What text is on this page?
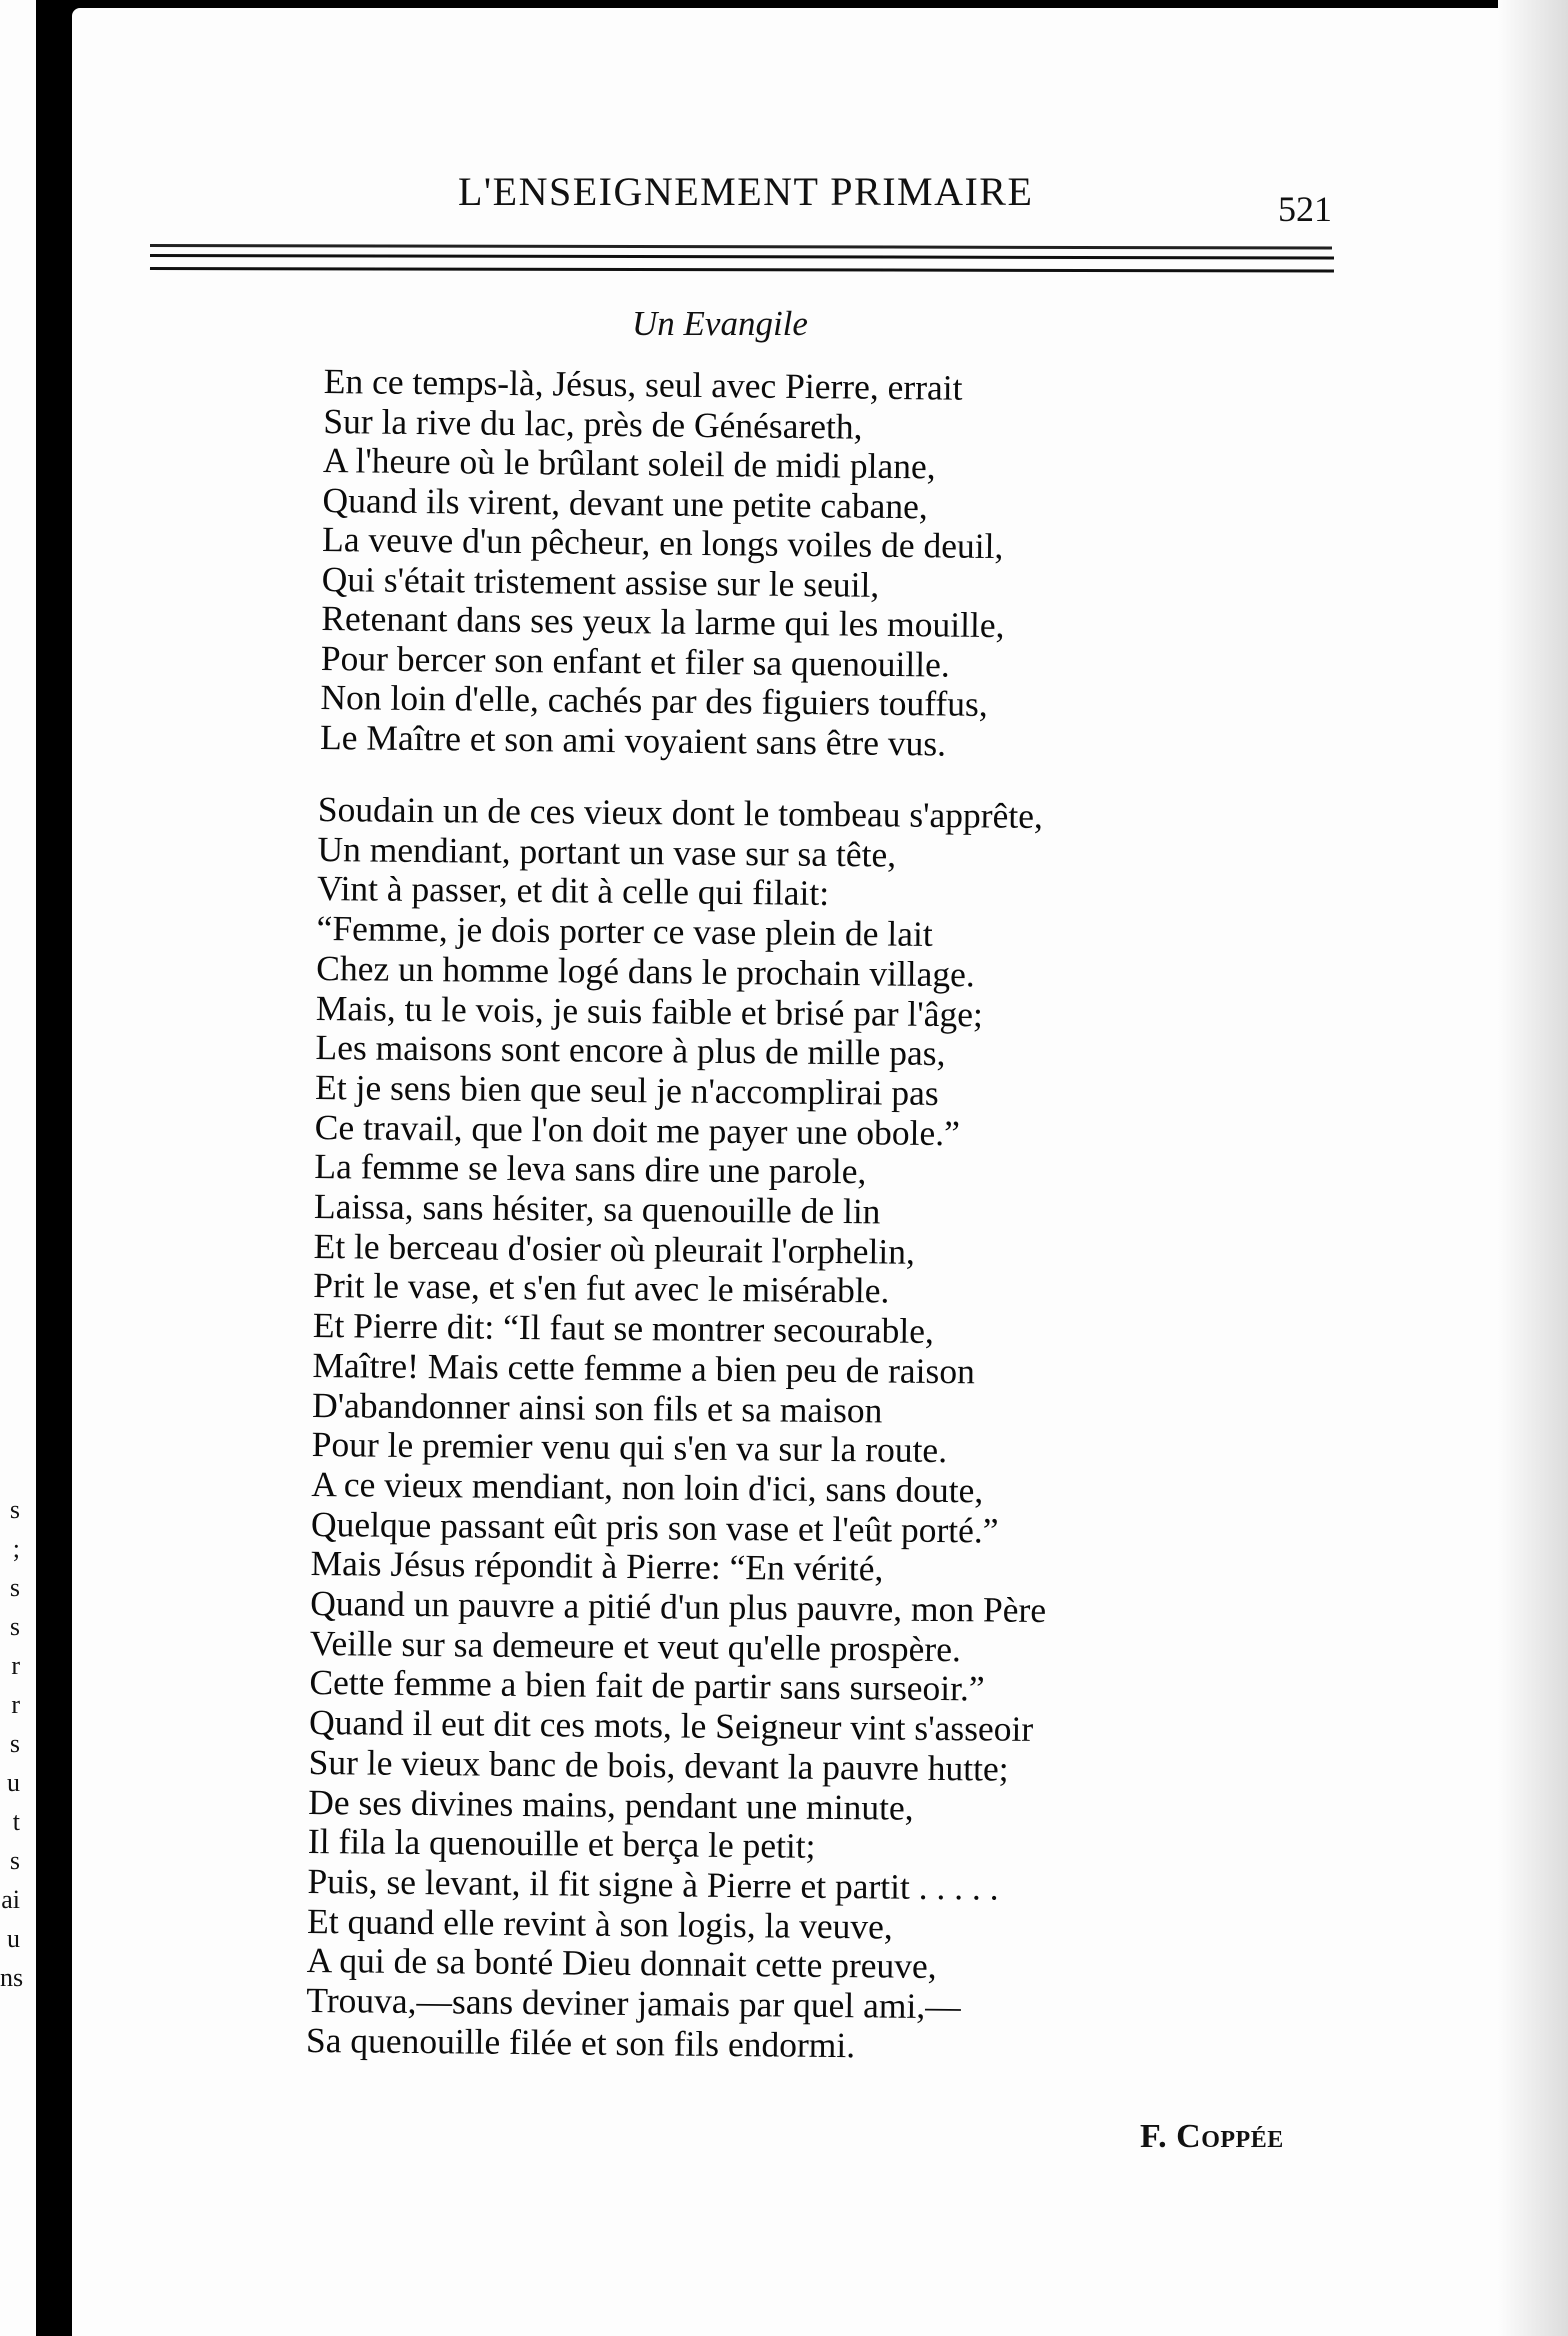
s
;
s
s
r
r
s
u
t
s
ai
u
ns
L'ENSEIGNEMENT PRIMAIRE	521
Un Evangile
En ce temps-là, Jésus, seul avec Pierre, errait
Sur la rive du lac, près de Génésareth,
A l'heure où le brûlant soleil de midi plane,
Quand ils virent, devant une petite cabane,
La veuve d'un pêcheur, en longs voiles de deuil,
Qui s'était tristement assise sur le seuil,
Retenant dans ses yeux la larme qui les mouille,
Pour bercer son enfant et filer sa quenouille.
Non loin d'elle, cachés par des figuiers touffus,
Le Maître et son ami voyaient sans être vus.
Soudain un de ces vieux dont le tombeau s'apprête,
Un mendiant, portant un vase sur sa tête,
Vint à passer, et dit à celle qui filait:
“Femme, je dois porter ce vase plein de lait
Chez un homme logé dans le prochain village.
Mais, tu le vois, je suis faible et brisé par l'âge;
Les maisons sont encore à plus de mille pas,
Et je sens bien que seul je n'accomplirai pas
Ce travail, que l'on doit me payer une obole.”
La femme se leva sans dire une parole,
Laissa, sans hésiter, sa quenouille de lin
Et le berceau d'osier où pleurait l'orphelin,
Prit le vase, et s'en fut avec le misérable.
Et Pierre dit: “Il faut se montrer secourable,
Maître! Mais cette femme a bien peu de raison
D'abandonner ainsi son fils et sa maison
Pour le premier venu qui s'en va sur la route.
A ce vieux mendiant, non loin d'ici, sans doute,
Quelque passant eût pris son vase et l'eût porté.”
Mais Jésus répondit à Pierre: “En vérité,
Quand un pauvre a pitié d'un plus pauvre, mon Père
Veille sur sa demeure et veut qu'elle prospère.
Cette femme a bien fait de partir sans surseoir.”
Quand il eut dit ces mots, le Seigneur vint s'asseoir
Sur le vieux banc de bois, devant la pauvre hutte;
De ses divines mains, pendant une minute,
Il fila la quenouille et berça le petit;
Puis, se levant, il fit signe à Pierre et partit . . . . .
Et quand elle revint à son logis, la veuve,
A qui de sa bonté Dieu donnait cette preuve,
Trouva,—sans deviner jamais par quel ami,—
Sa quenouille filée et son fils endormi.
F. Coppée
